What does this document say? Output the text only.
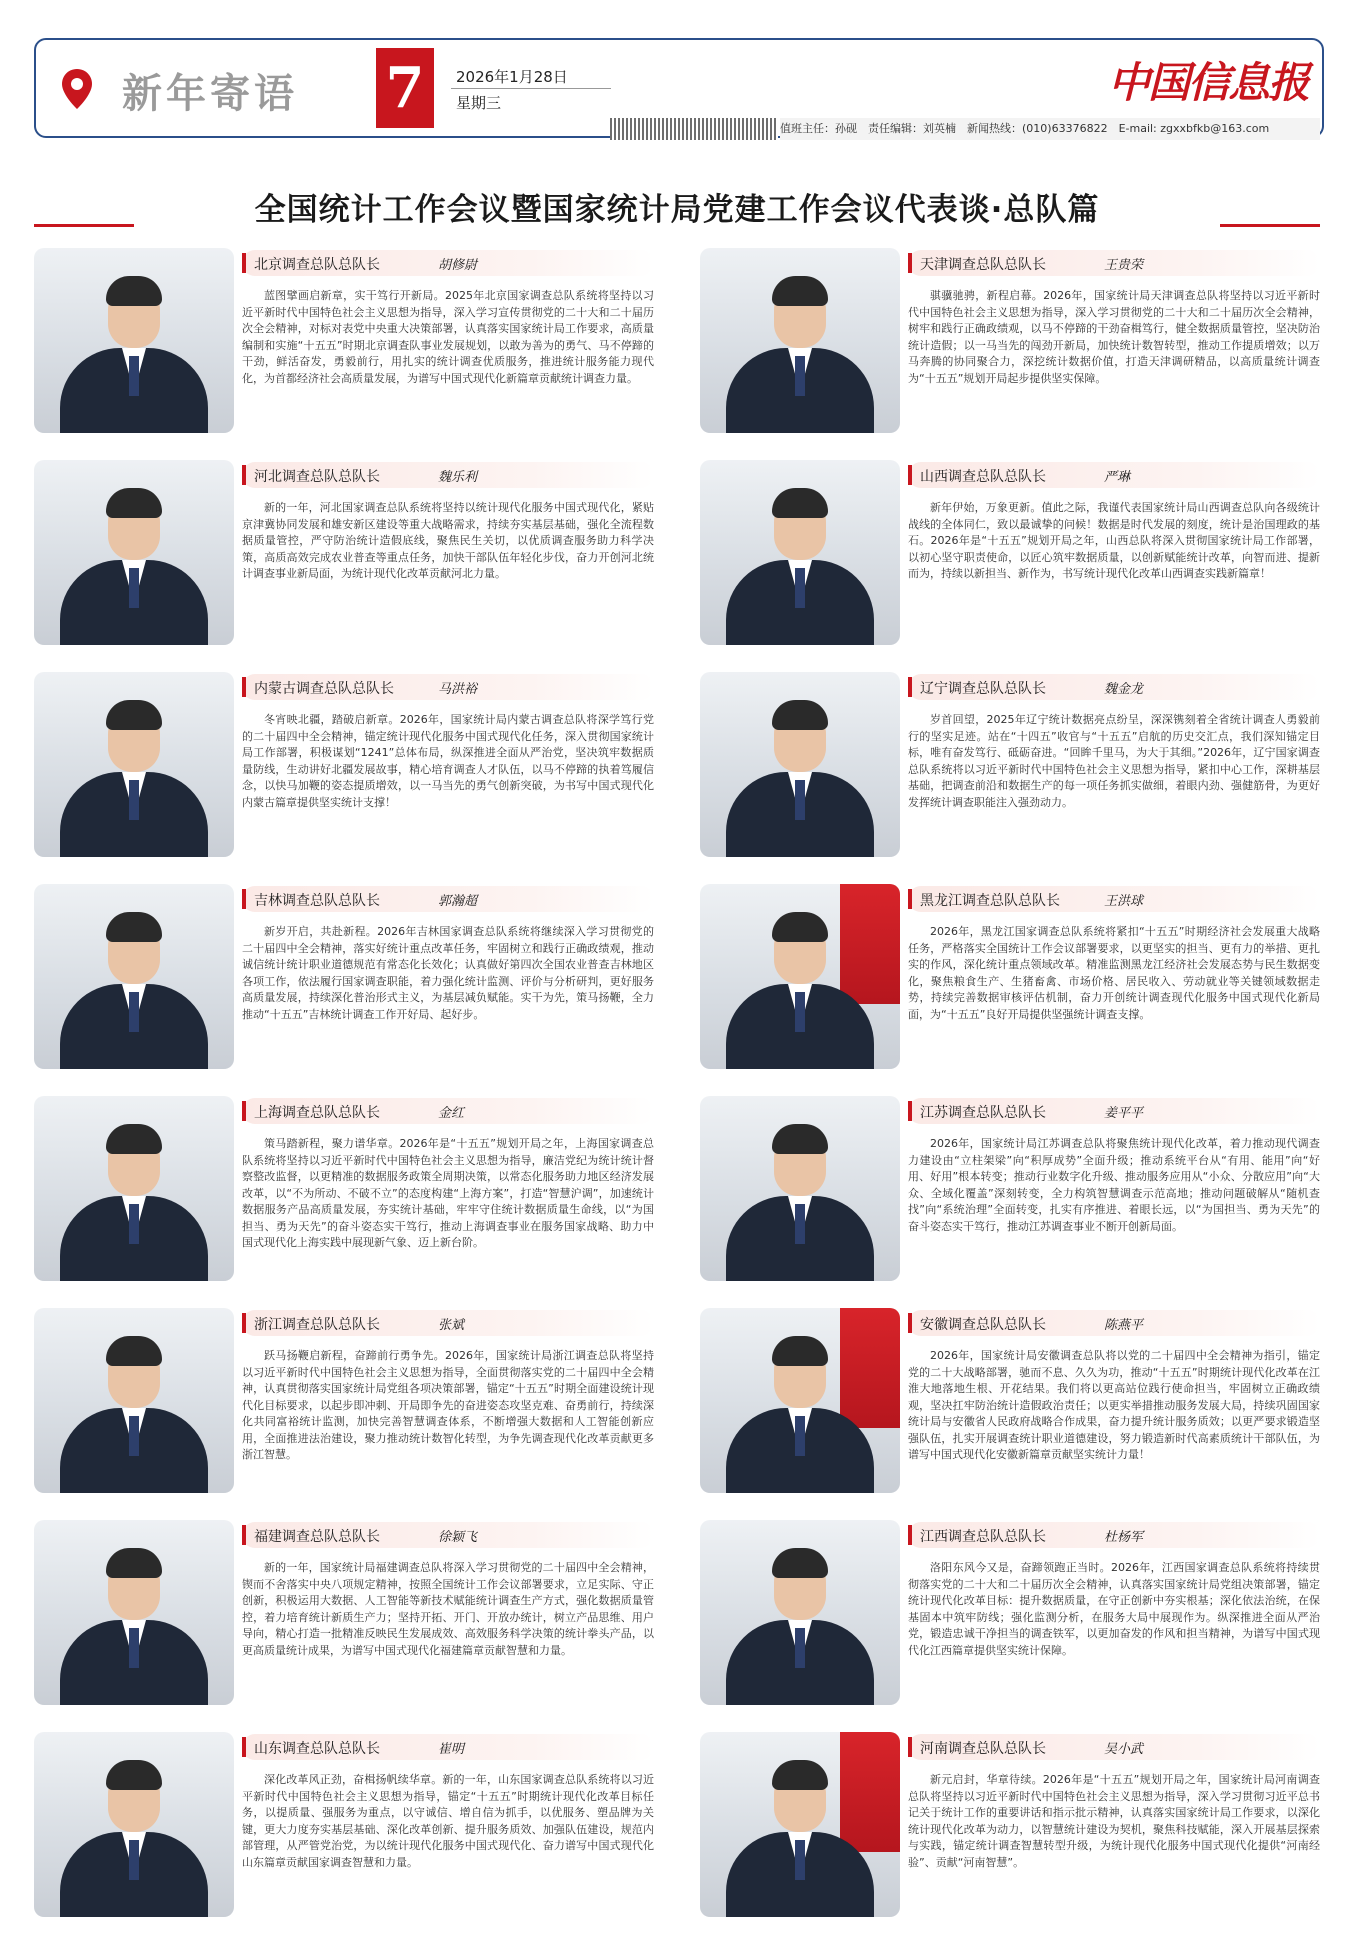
新年寄语 7	2026年1月28日
星期三	中国信息报
值班主任：孙砚　责任编辑：刘英楠　新闻热线：(010)63376822　E-mail: zgxxbfkb@163.com
全国统计工作会议暨国家统计局党建工作会议代表谈·总队篇
北京调查总队总队长	胡修尉
蓝图擘画启新章，实干笃行开新局。2025年北京国家调查总队系统将坚持以习近平新时代中国特色社会主义思想为指导，深入学习宣传贯彻党的二十大和二十届历次全会精神，对标对表党中央重大决策部署，认真落实国家统计局工作要求，高质量编制和实施“十五五”时期北京调查队事业发展规划，以敢为善为的勇气、马不停蹄的干劲，鲜活奋发，勇毅前行，用扎实的统计调查优质服务，推进统计服务能力现代化，为首都经济社会高质量发展，为谱写中国式现代化新篇章贡献统计调查力量。
天津调查总队总队长	王贵荣
骐骥驰骋，新程启幕。2026年，国家统计局天津调查总队将坚持以习近平新时代中国特色社会主义思想为指导，深入学习贯彻党的二十大和二十届历次全会精神，树牢和践行正确政绩观，以马不停蹄的干劲奋楫笃行，健全数据质量管控，坚决防治统计造假；以一马当先的闯劲开新局，加快统计数智转型，推动工作提质增效；以万马奔腾的协同聚合力，深挖统计数据价值，打造天津调研精品，以高质量统计调查为“十五五”规划开局起步提供坚实保障。
河北调查总队总队长	魏乐利
新的一年，河北国家调查总队系统将坚持以统计现代化服务中国式现代化，紧贴京津冀协同发展和雄安新区建设等重大战略需求，持续夯实基层基础，强化全流程数据质量管控，严守防治统计造假底线，聚焦民生关切，以优质调查服务助力科学决策，高质高效完成农业普查等重点任务，加快干部队伍年轻化步伐，奋力开创河北统计调查事业新局面，为统计现代化改革贡献河北力量。
山西调查总队总队长	严琳
新年伊始，万象更新。值此之际，我谨代表国家统计局山西调查总队向各级统计战线的全体同仁，致以最诚挚的问候！数据是时代发展的刻度，统计是治国理政的基石。2026年是“十五五”规划开局之年，山西总队将深入贯彻国家统计局工作部署，以初心坚守职责使命，以匠心筑牢数据质量，以创新赋能统计改革，向智而进、提新而为，持续以新担当、新作为，书写统计现代化改革山西调查实践新篇章！
内蒙古调查总队总队长	马洪裕
冬宵映北疆，踏破启新章。2026年，国家统计局内蒙古调查总队将深学笃行党的二十届四中全会精神，锚定统计现代化服务中国式现代化任务，深入贯彻国家统计局工作部署，积极谋划“1241”总体布局，纵深推进全面从严治党，坚决筑牢数据质量防线，生动讲好北疆发展故事，精心培育调查人才队伍，以马不停蹄的执着笃履信念，以快马加鞭的姿态提质增效，以一马当先的勇气创新突破，为书写中国式现代化内蒙古篇章提供坚实统计支撑！
辽宁调查总队总队长	魏金龙
岁首回望，2025年辽宁统计数据亮点纷呈，深深镌刻着全省统计调查人勇毅前行的坚实足迹。站在“十四五”收官与“十五五”启航的历史交汇点，我们深知锚定目标，唯有奋发笃行、砥砺奋进。“回眸千里马，为大于其细。”2026年，辽宁国家调查总队系统将以习近平新时代中国特色社会主义思想为指导，紧扣中心工作，深耕基层基础，把调查前沿和数据生产的每一项任务抓实做细，着眼内劲、强健筋骨，为更好发挥统计调查职能注入强劲动力。
吉林调查总队总队长	郭瀚超
新岁开启，共赴新程。2026年吉林国家调查总队系统将继续深入学习贯彻党的二十届四中全会精神，落实好统计重点改革任务，牢固树立和践行正确政绩观，推动诚信统计统计职业道德规范有常态化长效化；认真做好第四次全国农业普查吉林地区各项工作，依法履行国家调查职能，着力强化统计监测、评价与分析研判，更好服务高质量发展，持续深化普治形式主义，为基层减负赋能。实干为先，策马扬鞭，全力推动“十五五”吉林统计调查工作开好局、起好步。
黑龙江调查总队总队长	王洪球
2026年，黑龙江国家调查总队系统将紧扣“十五五”时期经济社会发展重大战略任务，严格落实全国统计工作会议部署要求，以更坚实的担当、更有力的举措、更扎实的作风，深化统计重点领域改革。精准监测黑龙江经济社会发展态势与民生数据变化，聚焦粮食生产、生猪畜禽、市场价格、居民收入、劳动就业等关键领域数据走势，持续完善数据审核评估机制，奋力开创统计调查现代化服务中国式现代化新局面，为“十五五”良好开局提供坚强统计调查支撑。
上海调查总队总队长	金红
策马踏新程，聚力谱华章。2026年是“十五五”规划开局之年，上海国家调查总队系统将坚持以习近平新时代中国特色社会主义思想为指导，廉洁党纪为统计统计督察整改监督，以更精准的数据服务政策全周期决策，以常态化服务助力地区经济发展改革，以“不为所动、不破不立”的态度构建“上海方案”，打造“智慧沪调”，加速统计数据服务产品高质量发展，夯实统计基础，牢牢守住统计数据质量生命线，以“为国担当、勇为天先”的奋斗姿态实干笃行，推动上海调查事业在服务国家战略、助力中国式现代化上海实践中展现新气象、迈上新台阶。
江苏调查总队总队长	姜平平
2026年，国家统计局江苏调查总队将聚焦统计现代化改革，着力推动现代调查力建设由“立柱架梁”向“积厚成势”全面升级；推动系统平台从“有用、能用”向“好用、好用”根本转变；推动行业数字化升级、推动服务应用从“小众、分散应用”向“大众、全域化覆盖”深刻转变，全力构筑智慧调查示范高地；推动问题破解从“随机查找”向“系统治理”全面转变，扎实有序推进、着眼长远，以“为国担当、勇为天先”的奋斗姿态实干笃行，推动江苏调查事业不断开创新局面。
浙江调查总队总队长	张斌
跃马扬鞭启新程，奋蹄前行勇争先。2026年，国家统计局浙江调查总队将坚持以习近平新时代中国特色社会主义思想为指导，全面贯彻落实党的二十届四中全会精神，认真贯彻落实国家统计局党组各项决策部署，锚定“十五五”时期全面建设统计现代化目标要求，以起步即冲刺、开局即争先的奋进姿态攻坚克难、奋勇前行，持续深化共同富裕统计监测，加快完善智慧调查体系，不断增强大数据和人工智能创新应用，全面推进法治建设，聚力推动统计数智化转型，为争先调查现代化改革贡献更多浙江智慧。
安徽调查总队总队长	陈燕平
2026年，国家统计局安徽调查总队将以党的二十届四中全会精神为指引，锚定党的二十大战略部署，驰而不息、久久为功，推动“十五五”时期统计现代化改革在江淮大地落地生根、开花结果。我们将以更高站位践行使命担当，牢固树立正确政绩观，坚决扛牢防治统计造假政治责任；以更实举措推动服务发展大局，持续巩固国家统计局与安徽省人民政府战略合作成果，奋力提升统计服务质效；以更严要求锻造坚强队伍，扎实开展调查统计职业道德建设，努力锻造新时代高素质统计干部队伍，为谱写中国式现代化安徽新篇章贡献坚实统计力量！
福建调查总队总队长	徐颖飞
新的一年，国家统计局福建调查总队将深入学习贯彻党的二十届四中全会精神，锲而不舍落实中央八项规定精神，按照全国统计工作会议部署要求，立足实际、守正创新，积极运用大数据、人工智能等新技术赋能统计调查生产方式，强化数据质量管控，着力培育统计新质生产力；坚持开拓、开门、开放办统计，树立产品思维、用户导向，精心打造一批精准反映民生发展成效、高效服务科学决策的统计拳头产品，以更高质量统计成果，为谱写中国式现代化福建篇章贡献智慧和力量。
江西调查总队总队长	杜杨军
洛阳东风今又是，奋蹄领跑正当时。2026年，江西国家调查总队系统将持续贯彻落实党的二十大和二十届历次全会精神，认真落实国家统计局党组决策部署，锚定统计现代化改革目标：提升数据质量，在守正创新中夯实根基；深化依法治统，在保基固本中筑牢防线；强化监测分析，在服务大局中展现作为。纵深推进全面从严治党，锻造忠诚干净担当的调查铁军，以更加奋发的作风和担当精神，为谱写中国式现代化江西篇章提供坚实统计保障。
山东调查总队总队长	崔明
深化改革风正劲，奋楫扬帆续华章。新的一年，山东国家调查总队系统将以习近平新时代中国特色社会主义思想为指导，锚定“十五五”时期统计现代化改革目标任务，以提质量、强服务为重点，以守诚信、增自信为抓手，以优服务、塑品牌为关键，更大力度夯实基层基础、深化改革创新、提升服务质效、加强队伍建设，规范内部管理，从严管党治党，为以统计现代化服务中国式现代化、奋力谱写中国式现代化山东篇章贡献国家调查智慧和力量。
河南调查总队总队长	吴小武
新元启封，华章待续。2026年是“十五五”规划开局之年，国家统计局河南调查总队将坚持以习近平新时代中国特色社会主义思想为指导，深入学习贯彻习近平总书记关于统计工作的重要讲话和指示批示精神，认真落实国家统计局工作要求，以深化统计现代化改革为动力，以智慧统计建设为契机，聚焦科技赋能，深入开展基层探索与实践，锚定统计调查智慧转型升级，为统计现代化服务中国式现代化提供“河南经验”、贡献“河南智慧”。
